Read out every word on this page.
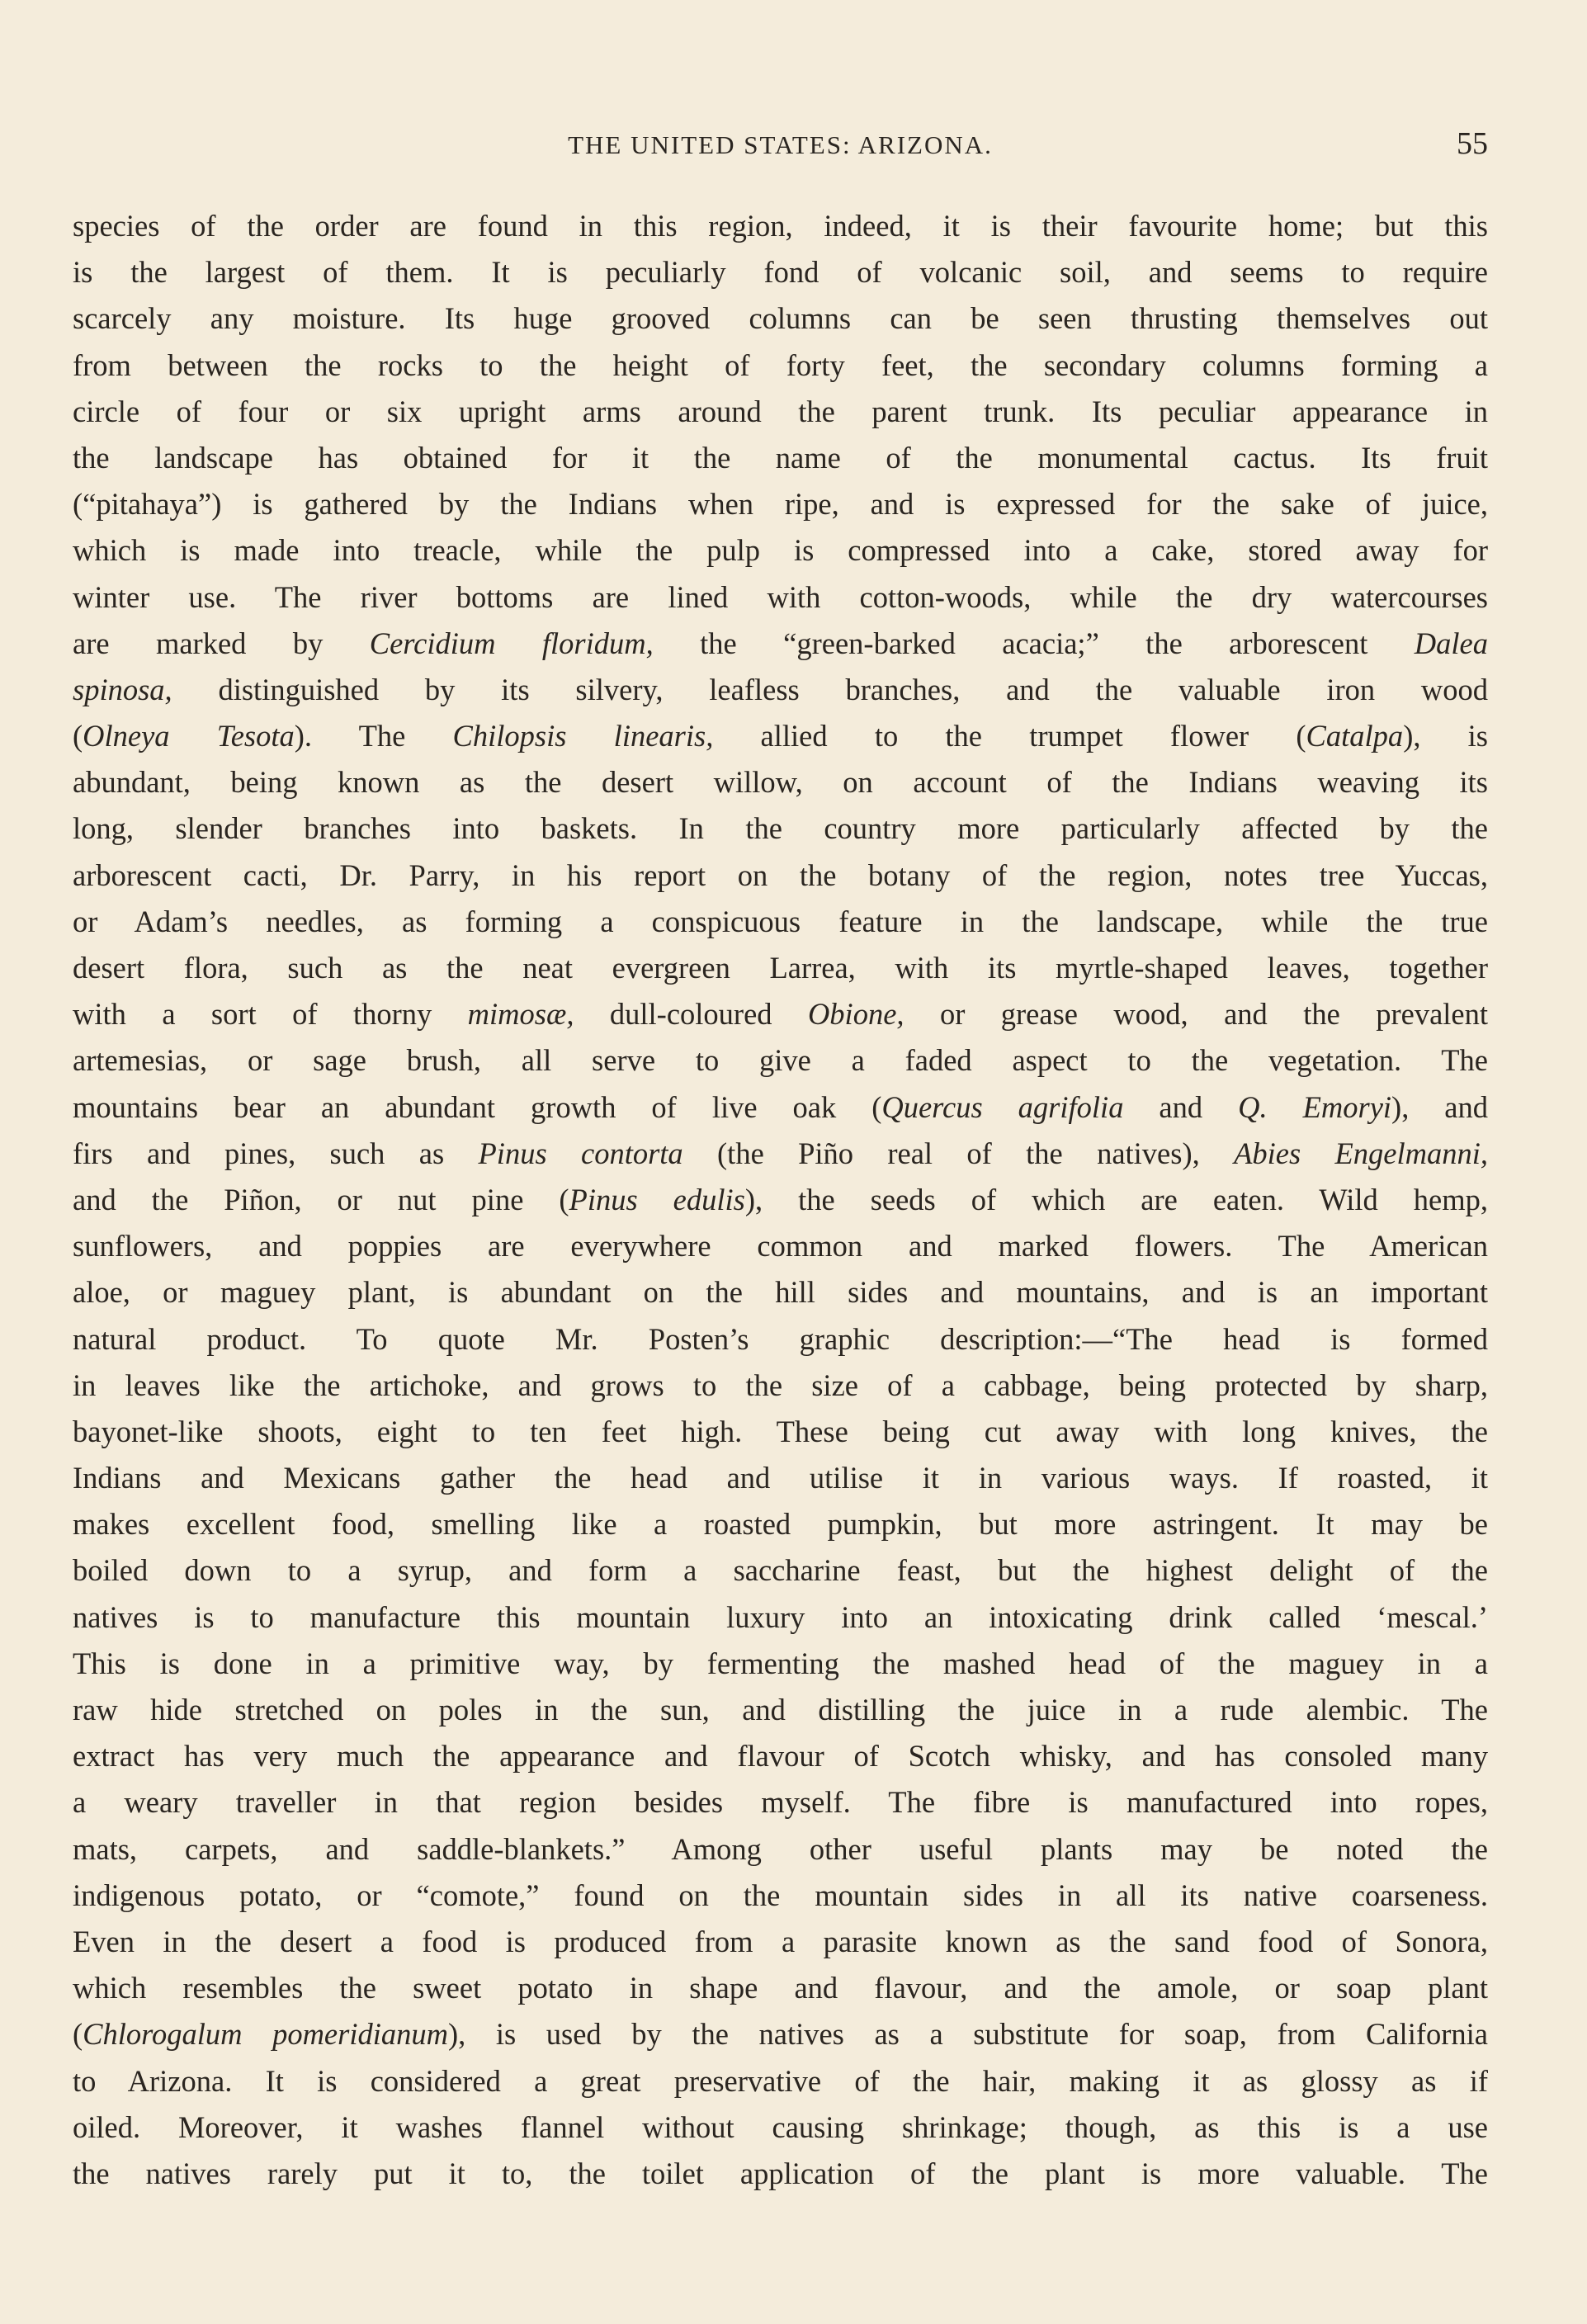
THE UNITED STATES: ARIZONA.	55
species of the order are found in this region, indeed, it is their favourite home; but this
is the largest of them. It is peculiarly fond of volcanic soil, and seems to require
scarcely any moisture. Its huge grooved columns can be seen thrusting themselves out
from between the rocks to the height of forty feet, the secondary columns forming a
circle of four or six upright arms around the parent trunk. Its peculiar appearance in
the landscape has obtained for it the name of the monumental cactus. Its fruit
(“pitahaya”) is gathered by the Indians when ripe, and is expressed for the sake of juice,
which is made into treacle, while the pulp is compressed into a cake, stored away for
winter use. The river bottoms are lined with cotton-woods, while the dry watercourses
are marked by Cercidium floridum, the “green-barked acacia;” the arborescent Dalea
spinosa, distinguished by its silvery, leafless branches, and the valuable iron wood
(Olneya Tesota). The Chilopsis linearis, allied to the trumpet flower (Catalpa), is
abundant, being known as the desert willow, on account of the Indians weaving its
long, slender branches into baskets. In the country more particularly affected by the
arborescent cacti, Dr. Parry, in his report on the botany of the region, notes tree Yuccas,
or Adam’s needles, as forming a conspicuous feature in the landscape, while the true
desert flora, such as the neat evergreen Larrea, with its myrtle-shaped leaves, together
with a sort of thorny mimosæ, dull-coloured Obione, or grease wood, and the prevalent
artemesias, or sage brush, all serve to give a faded aspect to the vegetation. The
mountains bear an abundant growth of live oak (Quercus agrifolia and Q. Emoryi), and
firs and pines, such as Pinus contorta (the Piño real of the natives), Abies Engelmanni,
and the Piñon, or nut pine (Pinus edulis), the seeds of which are eaten. Wild hemp,
sunflowers, and poppies are everywhere common and marked flowers. The American
aloe, or maguey plant, is abundant on the hill sides and mountains, and is an important
natural product. To quote Mr. Posten’s graphic description:—“The head is formed
in leaves like the artichoke, and grows to the size of a cabbage, being protected by sharp,
bayonet-like shoots, eight to ten feet high. These being cut away with long knives, the
Indians and Mexicans gather the head and utilise it in various ways. If roasted, it
makes excellent food, smelling like a roasted pumpkin, but more astringent. It may be
boiled down to a syrup, and form a saccharine feast, but the highest delight of the
natives is to manufacture this mountain luxury into an intoxicating drink called ‘mescal.’
This is done in a primitive way, by fermenting the mashed head of the maguey in a
raw hide stretched on poles in the sun, and distilling the juice in a rude alembic. The
extract has very much the appearance and flavour of Scotch whisky, and has consoled many
a weary traveller in that region besides myself. The fibre is manufactured into ropes,
mats, carpets, and saddle-blankets.” Among other useful plants may be noted the
indigenous potato, or “comote,” found on the mountain sides in all its native coarseness.
Even in the desert a food is produced from a parasite known as the sand food of Sonora,
which resembles the sweet potato in shape and flavour, and the amole, or soap plant
(Chlorogalum pomeridianum), is used by the natives as a substitute for soap, from California
to Arizona. It is considered a great preservative of the hair, making it as glossy as if
oiled. Moreover, it washes flannel without causing shrinkage; though, as this is a use
the natives rarely put it to, the toilet application of the plant is more valuable. The
